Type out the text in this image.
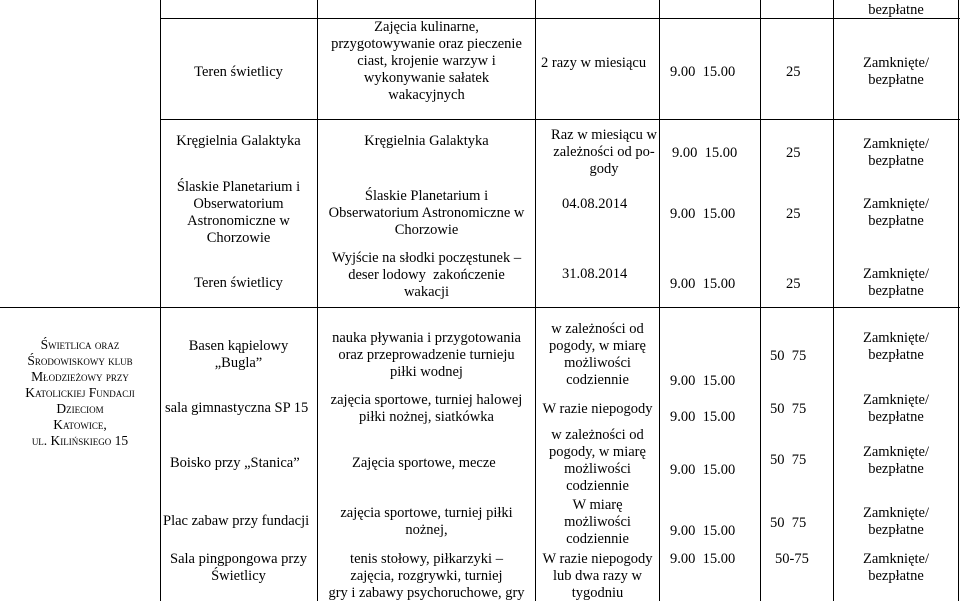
bezpłatne
Teren świetlicy
Zajęcia kulinarne,
przygotowywanie oraz pieczenie
ciast, krojenie warzyw i
wykonywanie sałatek
wakacyjnych
2 razy w miesiącu
9.00  15.00	25
Zamknięte/
bezpłatne
Kręgielnia Galaktyka
Ślaskie Planetarium i
Obserwatorium
Astronomiczne w
Chorzowie
Teren świetlicy
Kręgielnia Galaktyka
Ślaskie Planetarium i
Obserwatorium Astronomiczne w
Chorzowie
Wyjście na słodki poczęstunek –
deser lodowy  zakończenie
wakacji
Raz w miesiącu w
zależności od po-
gody
04.08.2014
31.08.2014
9.00  15.00
9.00  15.00
9.00  15.00
25
25
25
Zamknięte/
bezpłatne
Zamknięte/
bezpłatne
Zamknięte/
bezpłatne
Świetlica oraz
Środowiskowy klub
Młodzieżowy przy
Katolickiej Fundacji
Dzieciom
Katowice,
ul. Kilińskiego 15
Basen kąpielowy
„Bugla”
sala gimnastyczna SP 15
Boisko przy „Stanica”
Plac zabaw przy fundacji
Sala pingpongowa przy
Świetlicy
nauka pływania i przygotowania
oraz przeprowadzenie turnieju
piłki wodnej
zajęcia sportowe, turniej halowej
piłki nożnej, siatkówka
Zajęcia sportowe, mecze
zajęcia sportowe, turniej piłki
nożnej,
tenis stołowy, piłkarzyki –
zajęcia, rozgrywki, turniej
gry i zabawy psychoruchowe, gry
w zależności od
pogody, w miarę
możliwości
codziennie
W razie niepogody
w zależności od
pogody, w miarę
możliwości
codziennie
W miarę
możliwości
codziennie
W razie niepogody
lub dwa razy w
tygodniu
9.00  15.00
9.00  15.00
9.00  15.00
9.00  15.00
9.00  15.00
50  75
50  75
50  75
50  75
50-75
Zamknięte/
bezpłatne
Zamknięte/
bezpłatne
Zamknięte/
bezpłatne
Zamknięte/
bezpłatne
Zamknięte/
bezpłatne
